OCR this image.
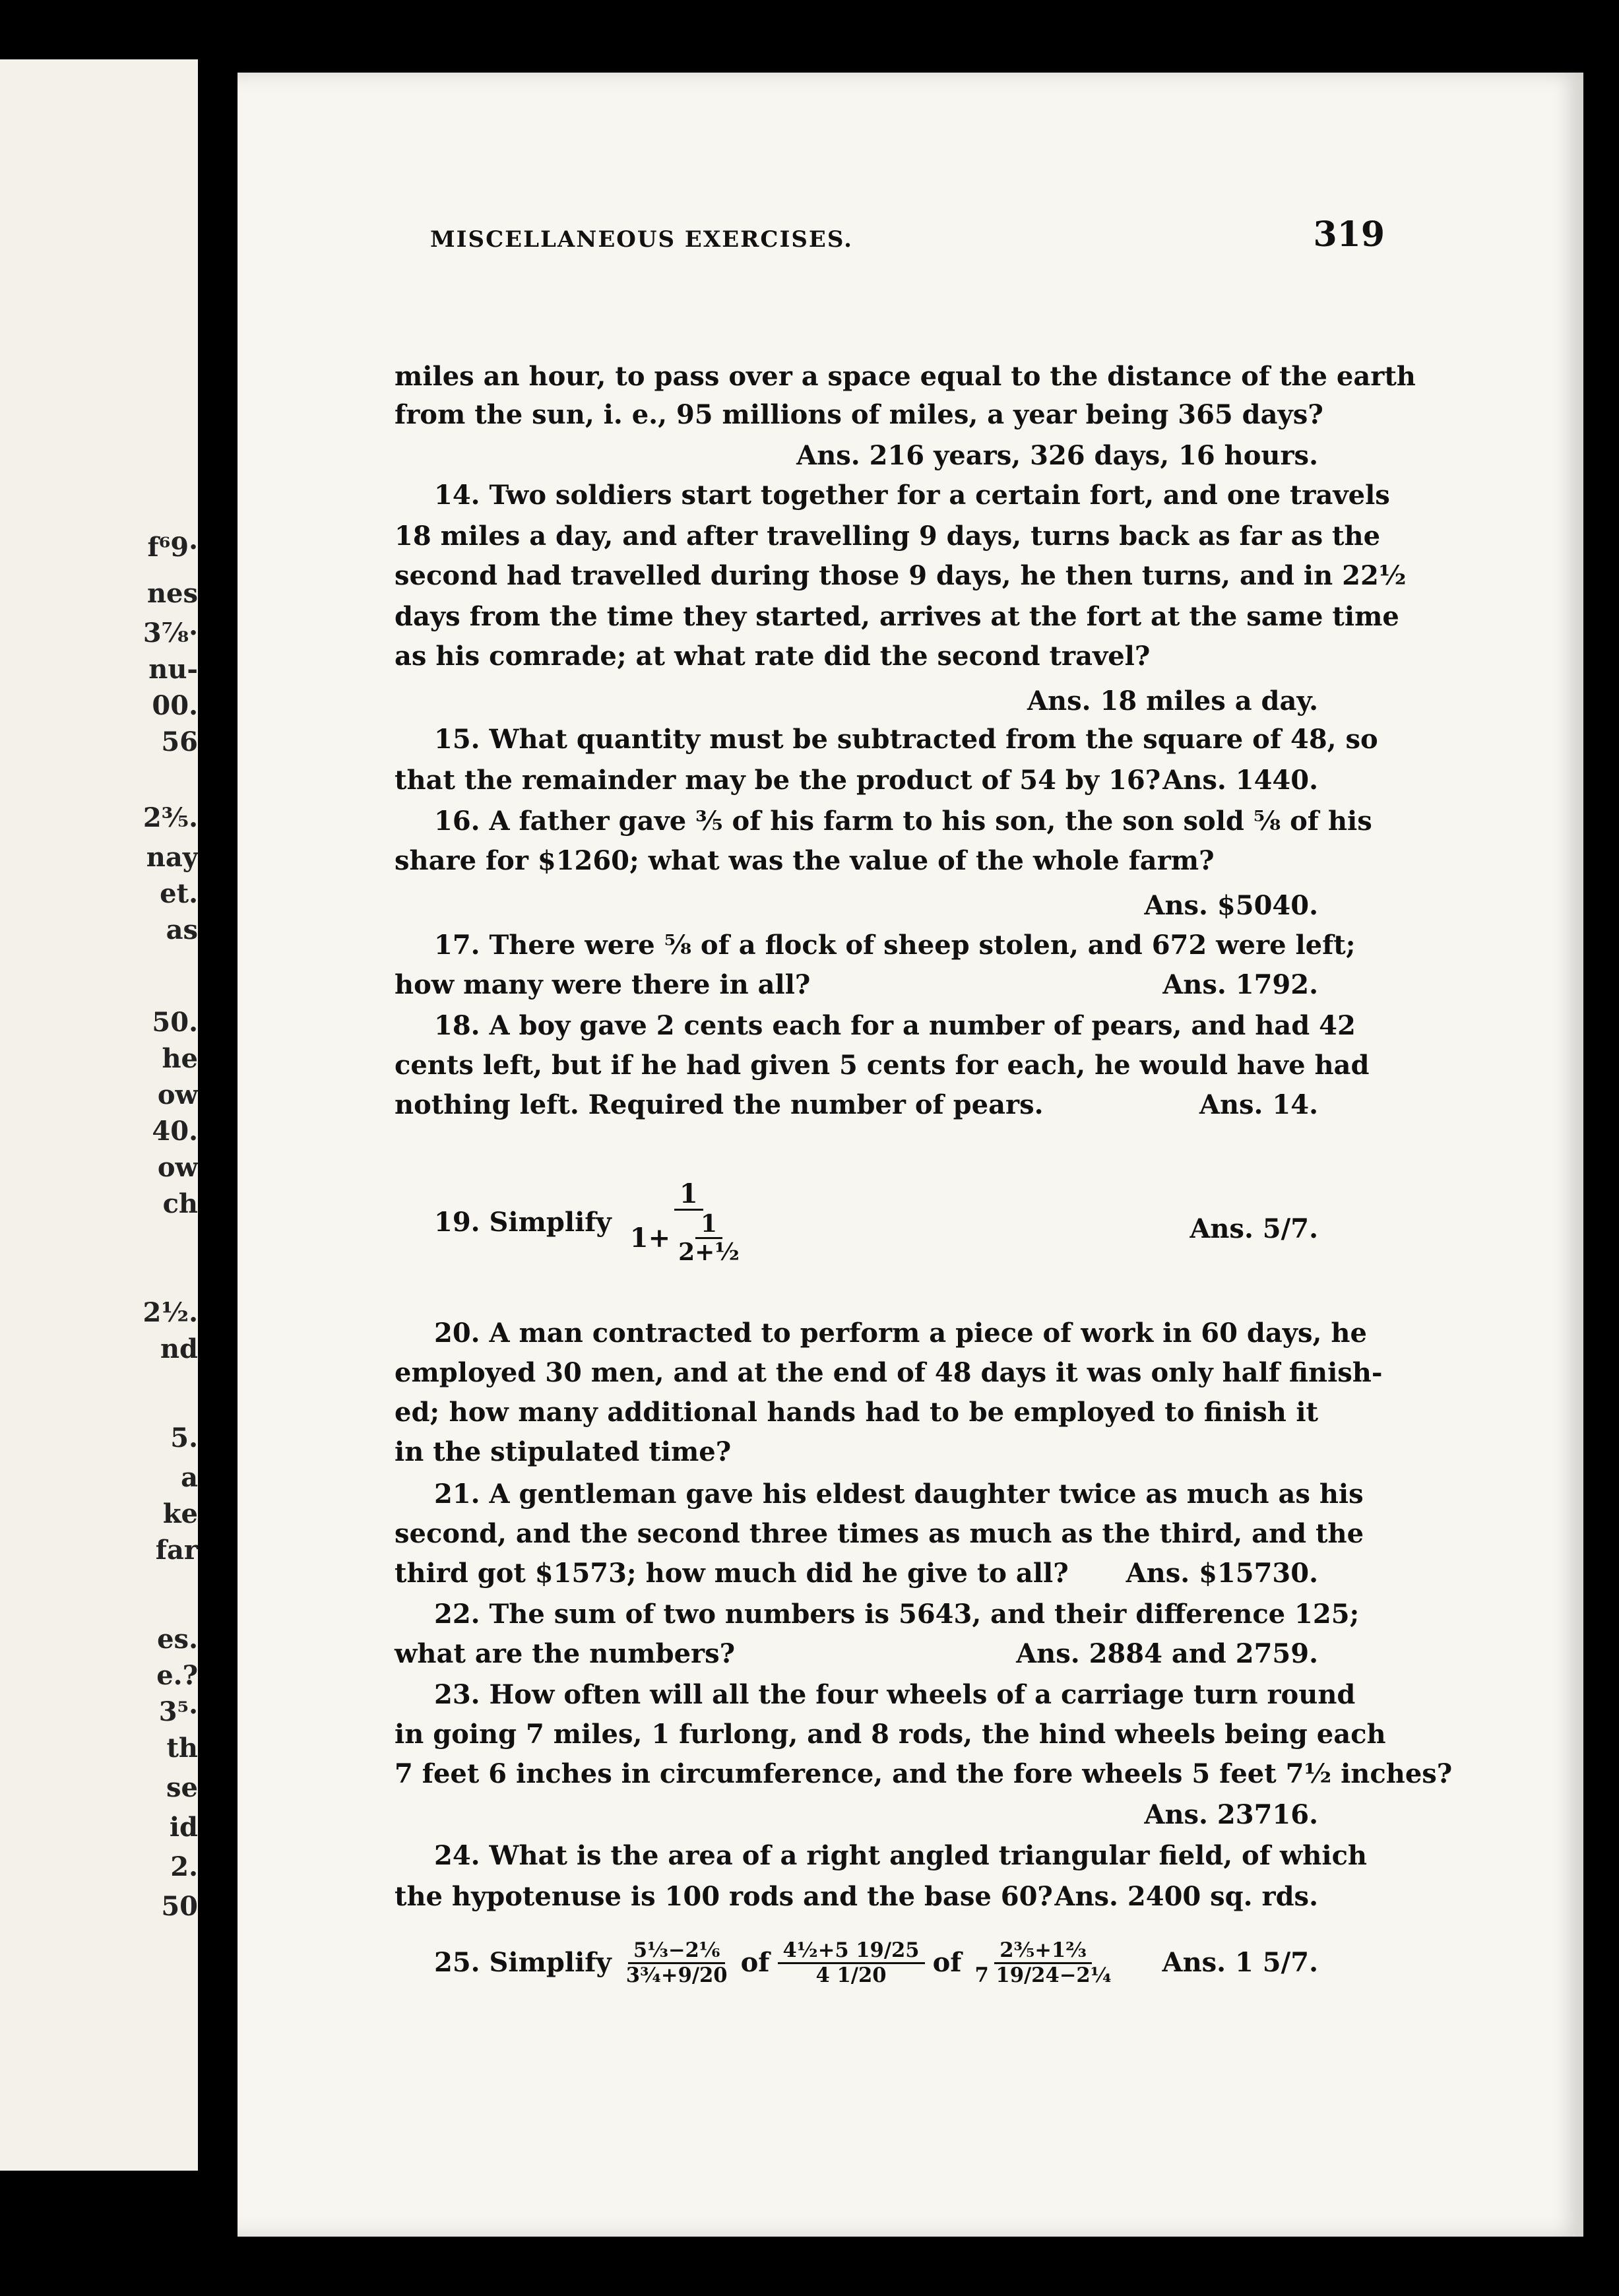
f⁶9·
nes
3⅞·
nu-
00.
56
2⅗.
nay
et.
as
50.
he
ow
40.
ow
ch
2½.
nd
5.
a
ke
far
es.
e.?
3⁵·
th
se
id
2.
50
MISCELLANEOUS EXERCISES.	319
miles an hour, to pass over a space equal to the distance of the earth
from the sun, i. e., 95 millions of miles, a year being 365 days?
Ans. 216 years, 326 days, 16 hours.
14. Two soldiers start together for a certain fort, and one travels
18 miles a day, and after travelling 9 days, turns back as far as the
second had travelled during those 9 days, he then turns, and in 22½
days from the time they started, arrives at the fort at the same time
as his comrade; at what rate did the second travel?
Ans. 18 miles a day.
15. What quantity must be subtracted from the square of 48, so
that the remainder may be the product of 54 by 16? Ans. 1440.
16. A father gave ⅗ of his farm to his son, the son sold ⅝ of his
share for $1260; what was the value of the whole farm?
Ans. $5040.
17. There were ⅝ of a flock of sheep stolen, and 672 were left;
how many were there in all?	Ans. 1792.
18. A boy gave 2 cents each for a number of pears, and had 42
cents left, but if he had given 5 cents for each, he would have had
nothing left. Required the number of pears.	Ans. 14.
19. Simplify $\frac{1}{1+ \frac{1}{\text{2+½}}}$	Ans. 5/7.
20. A man contracted to perform a piece of work in 60 days, he
employed 30 men, and at the end of 48 days it was only half finish-
ed; how many additional hands had to be employed to finish it
in the stipulated time?
21. A gentleman gave his eldest daughter twice as much as his
second, and the second three times as much as the third, and the
third got $1573; how much did he give to all? Ans. $15730.
22. The sum of two numbers is 5643, and their difference 125;
what are the numbers?	Ans. 2884 and 2759.
23. How often will all the four wheels of a carriage turn round
in going 7 miles, 1 furlong, and 8 rods, the hind wheels being each
7 feet 6 inches in circumference, and the fore wheels 5 feet 7½ inches?
Ans. 23716.
24. What is the area of a right angled triangular field, of which
the hypotenuse is 100 rods and the base 60? Ans. 2400 sq. rds.
25. Simplify $\frac{\text{5⅓−2⅙}}{\text{3¾+9/20}}$ of $\frac{\text{4½+5 19/25}}{4 1/20}$ of $\frac{\text{2⅗+1⅔}}{\text{7 19/24−2¼}}$ Ans. 1 5/7.
